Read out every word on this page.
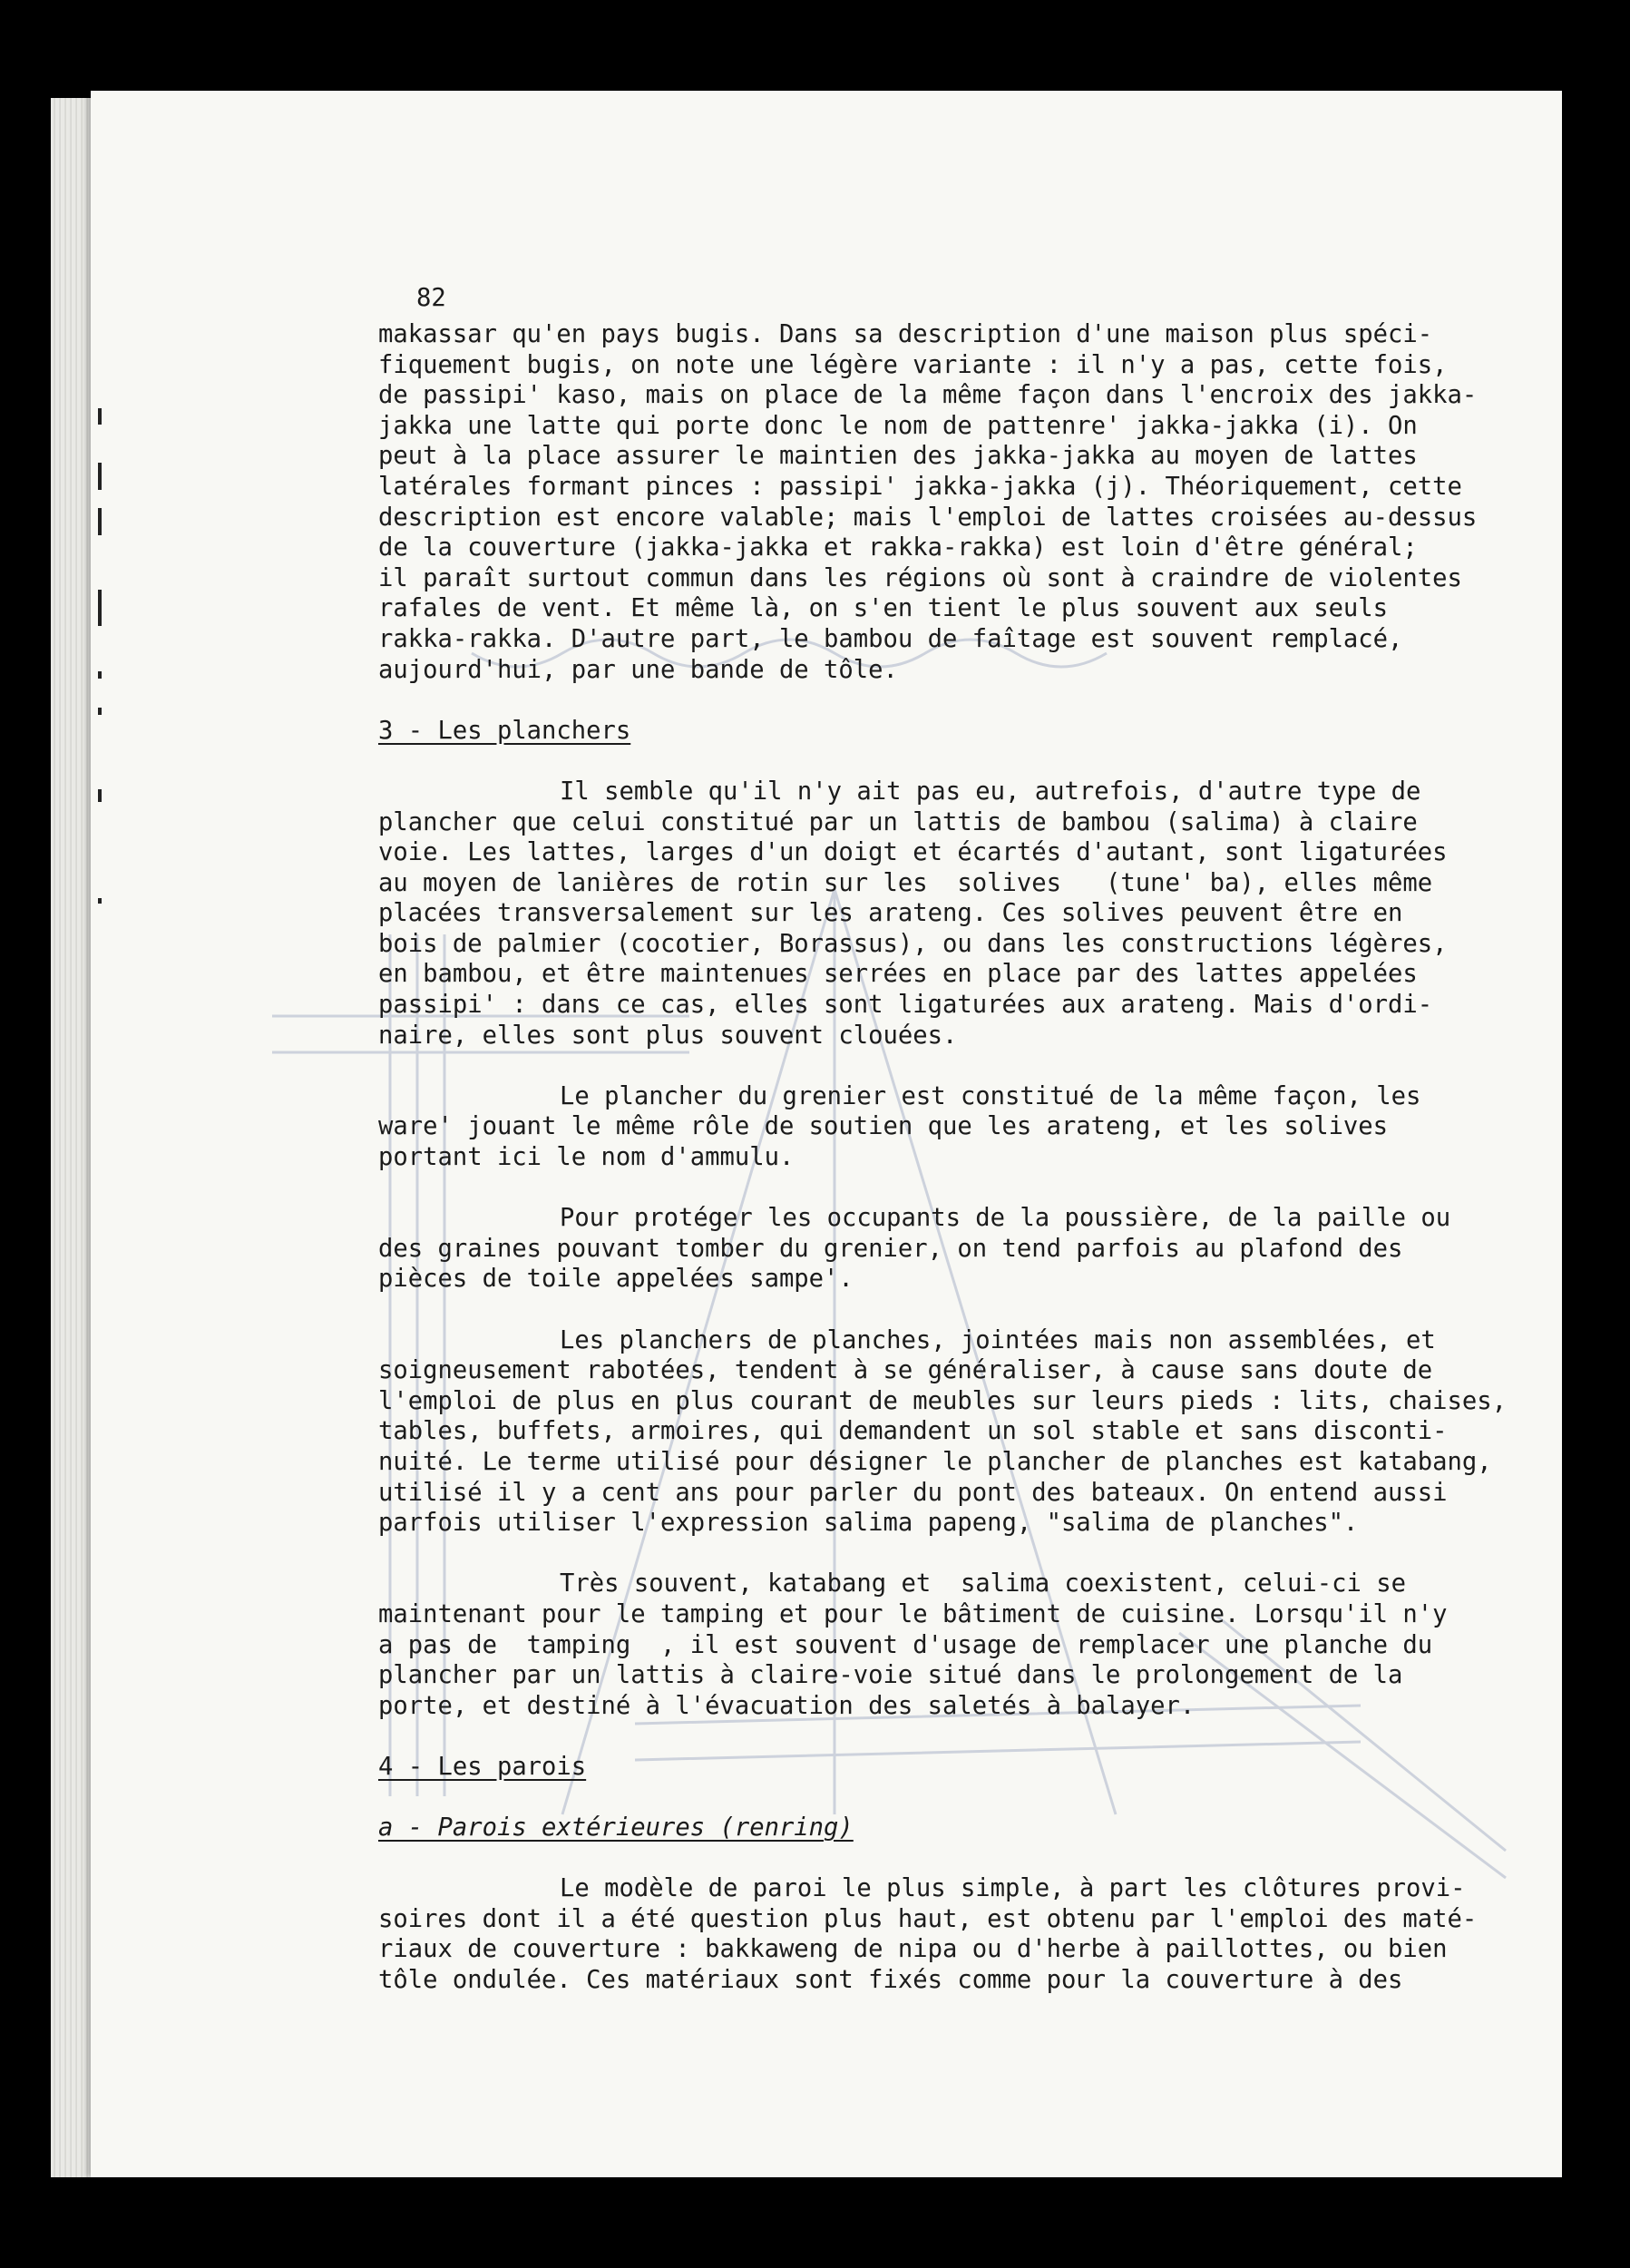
82
makassar qu'en pays bugis. Dans sa description d'une maison plus spéci-
fiquement bugis, on note une légère variante : il n'y a pas, cette fois,
de passipi' kaso, mais on place de la même façon dans l'encroix des jakka-
jakka une latte qui porte donc le nom de pattenre' jakka-jakka (i). On
peut à la place assurer le maintien des jakka-jakka au moyen de lattes
latérales formant pinces : passipi' jakka-jakka (j). Théoriquement, cette
description est encore valable; mais l'emploi de lattes croisées au-dessus
de la couverture (jakka-jakka et rakka-rakka) est loin d'être général;
il paraît surtout commun dans les régions où sont à craindre de violentes
rafales de vent. Et même là, on s'en tient le plus souvent aux seuls
rakka-rakka. D'autre part, le bambou de faîtage est souvent remplacé,
aujourd'hui, par une bande de tôle.
3 - Les planchers
Il semble qu'il n'y ait pas eu, autrefois, d'autre type de
plancher que celui constitué par un lattis de bambou (salima) à claire
voie. Les lattes, larges d'un doigt et écartés d'autant, sont ligaturées
au moyen de lanières de rotin sur les  solives   (tune' ba), elles même
placées transversalement sur les arateng. Ces solives peuvent être en
bois de palmier (cocotier, Borassus), ou dans les constructions légères,
en bambou, et être maintenues serrées en place par des lattes appelées
passipi' : dans ce cas, elles sont ligaturées aux arateng. Mais d'ordi-
naire, elles sont plus souvent clouées.
Le plancher du grenier est constitué de la même façon, les
ware' jouant le même rôle de soutien que les arateng, et les solives
portant ici le nom d'ammulu.
Pour protéger les occupants de la poussière, de la paille ou
des graines pouvant tomber du grenier, on tend parfois au plafond des
pièces de toile appelées sampe'.
Les planchers de planches, jointées mais non assemblées, et
soigneusement rabotées, tendent à se généraliser, à cause sans doute de
l'emploi de plus en plus courant de meubles sur leurs pieds : lits, chaises,
tables, buffets, armoires, qui demandent un sol stable et sans disconti-
nuité. Le terme utilisé pour désigner le plancher de planches est katabang,
utilisé il y a cent ans pour parler du pont des bateaux. On entend aussi
parfois utiliser l'expression salima papeng, "salima de planches".
Très souvent, katabang et  salima coexistent, celui-ci se
maintenant pour le tamping et pour le bâtiment de cuisine. Lorsqu'il n'y
a pas de  tamping  , il est souvent d'usage de remplacer une planche du
plancher par un lattis à claire-voie situé dans le prolongement de la
porte, et destiné à l'évacuation des saletés à balayer.
4 - Les parois
a - Parois extérieures (renring)
Le modèle de paroi le plus simple, à part les clôtures provi-
soires dont il a été question plus haut, est obtenu par l'emploi des maté-
riaux de couverture : bakkaweng de nipa ou d'herbe à paillottes, ou bien
tôle ondulée. Ces matériaux sont fixés comme pour la couverture à des
